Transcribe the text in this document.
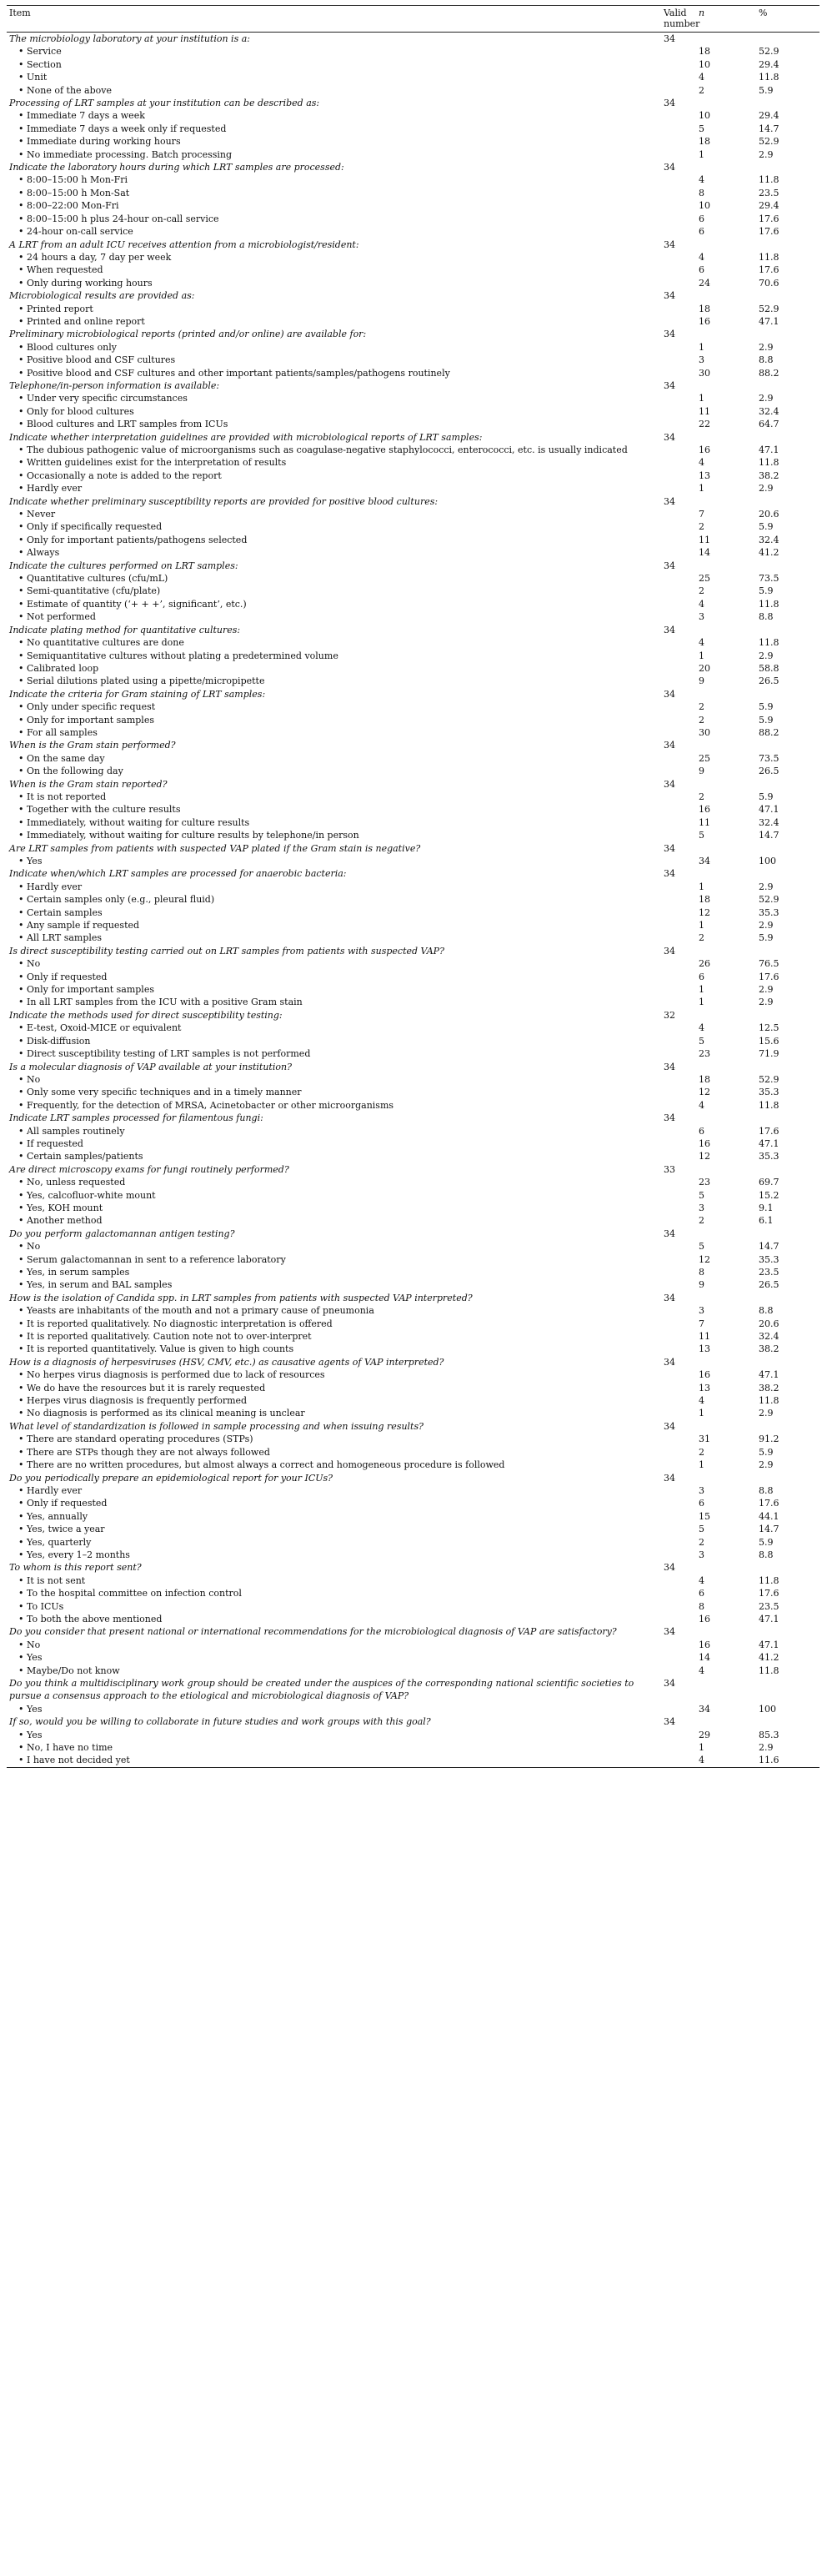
Item	Valid number	n	%
The microbiology laboratory at your institution is a:	34		
• Service		18	52.9
• Section		10	29.4
• Unit		4	11.8
• None of the above		2	5.9
Processing of LRT samples at your institution can be described as:	34		
• Immediate 7 days a week		10	29.4
• Immediate 7 days a week only if requested		5	14.7
• Immediate during working hours		18	52.9
• No immediate processing. Batch processing		1	2.9
Indicate the laboratory hours during which LRT samples are processed:	34		
• 8:00–15:00 h Mon-Fri		4	11.8
• 8:00–15:00 h Mon-Sat		8	23.5
• 8:00–22:00 Mon-Fri		10	29.4
• 8:00–15:00 h plus 24-hour on-call service		6	17.6
• 24-hour on-call service		6	17.6
A LRT from an adult ICU receives attention from a microbiologist/resident:	34		
• 24 hours a day, 7 day per week		4	11.8
• When requested		6	17.6
• Only during working hours		24	70.6
Microbiological results are provided as:	34		
• Printed report		18	52.9
• Printed and online report		16	47.1
Preliminary microbiological reports (printed and/or online) are available for:	34		
• Blood cultures only		1	2.9
• Positive blood and CSF cultures		3	8.8
• Positive blood and CSF cultures and other important patients/samples/pathogens routinely		30	88.2
Telephone/in-person information is available:	34		
• Under very specific circumstances		1	2.9
• Only for blood cultures		11	32.4
• Blood cultures and LRT samples from ICUs		22	64.7
Indicate whether interpretation guidelines are provided with microbiological reports of LRT samples:	34		
• The dubious pathogenic value of microorganisms such as coagulase-negative staphylococci, enterococci, etc. is usually indicated		16	47.1
• Written guidelines exist for the interpretation of results		4	11.8
• Occasionally a note is added to the report		13	38.2
• Hardly ever		1	2.9
Indicate whether preliminary susceptibility reports are provided for positive blood cultures:	34		
• Never		7	20.6
• Only if specifically requested		2	5.9
• Only for important patients/pathogens selected		11	32.4
• Always		14	41.2
Indicate the cultures performed on LRT samples:	34		
• Quantitative cultures (cfu/mL)		25	73.5
• Semi-quantitative (cfu/plate)		2	5.9
• Estimate of quantity (‘+ + +’, significant’, etc.)		4	11.8
• Not performed		3	8.8
Indicate plating method for quantitative cultures:	34		
• No quantitative cultures are done		4	11.8
• Semiquantitative cultures without plating a predetermined volume		1	2.9
• Calibrated loop		20	58.8
• Serial dilutions plated using a pipette/micropipette		9	26.5
Indicate the criteria for Gram staining of LRT samples:	34		
• Only under specific request		2	5.9
• Only for important samples		2	5.9
• For all samples		30	88.2
When is the Gram stain performed?	34		
• On the same day		25	73.5
• On the following day		9	26.5
When is the Gram stain reported?	34		
• It is not reported		2	5.9
• Together with the culture results		16	47.1
• Immediately, without waiting for culture results		11	32.4
• Immediately, without waiting for culture results by telephone/in person		5	14.7
Are LRT samples from patients with suspected VAP plated if the Gram stain is negative?	34		
• Yes		34	100
Indicate when/which LRT samples are processed for anaerobic bacteria:	34		
• Hardly ever		1	2.9
• Certain samples only (e.g., pleural fluid)		18	52.9
• Certain samples		12	35.3
• Any sample if requested		1	2.9
• All LRT samples		2	5.9
Is direct susceptibility testing carried out on LRT samples from patients with suspected VAP?	34		
• No		26	76.5
• Only if requested		6	17.6
• Only for important samples		1	2.9
• In all LRT samples from the ICU with a positive Gram stain		1	2.9
Indicate the methods used for direct susceptibility testing:	32		
• E-test, Oxoid-MICE or equivalent		4	12.5
• Disk-diffusion		5	15.6
• Direct susceptibility testing of LRT samples is not performed		23	71.9
Is a molecular diagnosis of VAP available at your institution?	34		
• No		18	52.9
• Only some very specific techniques and in a timely manner		12	35.3
• Frequently, for the detection of MRSA, Acinetobacter or other microorganisms		4	11.8
Indicate LRT samples processed for filamentous fungi:	34		
• All samples routinely		6	17.6
• If requested		16	47.1
• Certain samples/patients		12	35.3
Are direct microscopy exams for fungi routinely performed?	33		
• No, unless requested		23	69.7
• Yes, calcofluor-white mount		5	15.2
• Yes, KOH mount		3	9.1
• Another method		2	6.1
Do you perform galactomannan antigen testing?	34		
• No		5	14.7
• Serum galactomannan in sent to a reference laboratory		12	35.3
• Yes, in serum samples		8	23.5
• Yes, in serum and BAL samples		9	26.5
How is the isolation of Candida spp. in LRT samples from patients with suspected VAP interpreted?	34		
• Yeasts are inhabitants of the mouth and not a primary cause of pneumonia		3	8.8
• It is reported qualitatively. No diagnostic interpretation is offered		7	20.6
• It is reported qualitatively. Caution note not to over-interpret		11	32.4
• It is reported quantitatively. Value is given to high counts		13	38.2
How is a diagnosis of herpesviruses (HSV, CMV, etc.) as causative agents of VAP interpreted?	34		
• No herpes virus diagnosis is performed due to lack of resources		16	47.1
• We do have the resources but it is rarely requested		13	38.2
• Herpes virus diagnosis is frequently performed		4	11.8
• No diagnosis is performed as its clinical meaning is unclear		1	2.9
What level of standardization is followed in sample processing and when issuing results?	34		
• There are standard operating procedures (STPs)		31	91.2
• There are STPs though they are not always followed		2	5.9
• There are no written procedures, but almost always a correct and homogeneous procedure is followed		1	2.9
Do you periodically prepare an epidemiological report for your ICUs?	34		
• Hardly ever		3	8.8
• Only if requested		6	17.6
• Yes, annually		15	44.1
• Yes, twice a year		5	14.7
• Yes, quarterly		2	5.9
• Yes, every 1–2 months		3	8.8
To whom is this report sent?	34		
• It is not sent		4	11.8
• To the hospital committee on infection control		6	17.6
• To ICUs		8	23.5
• To both the above mentioned		16	47.1
Do you consider that present national or international recommendations for the microbiological diagnosis of VAP are satisfactory?	34		
• No		16	47.1
• Yes		14	41.2
• Maybe/Do not know		4	11.8
Do you think a multidisciplinary work group should be created under the auspices of the corresponding national scientific societies to pursue a consensus approach to the etiological and microbiological diagnosis of VAP?	34		
• Yes		34	100
If so, would you be willing to collaborate in future studies and work groups with this goal?	34		
• Yes		29	85.3
• No, I have no time		1	2.9
• I have not decided yet		4	11.6
